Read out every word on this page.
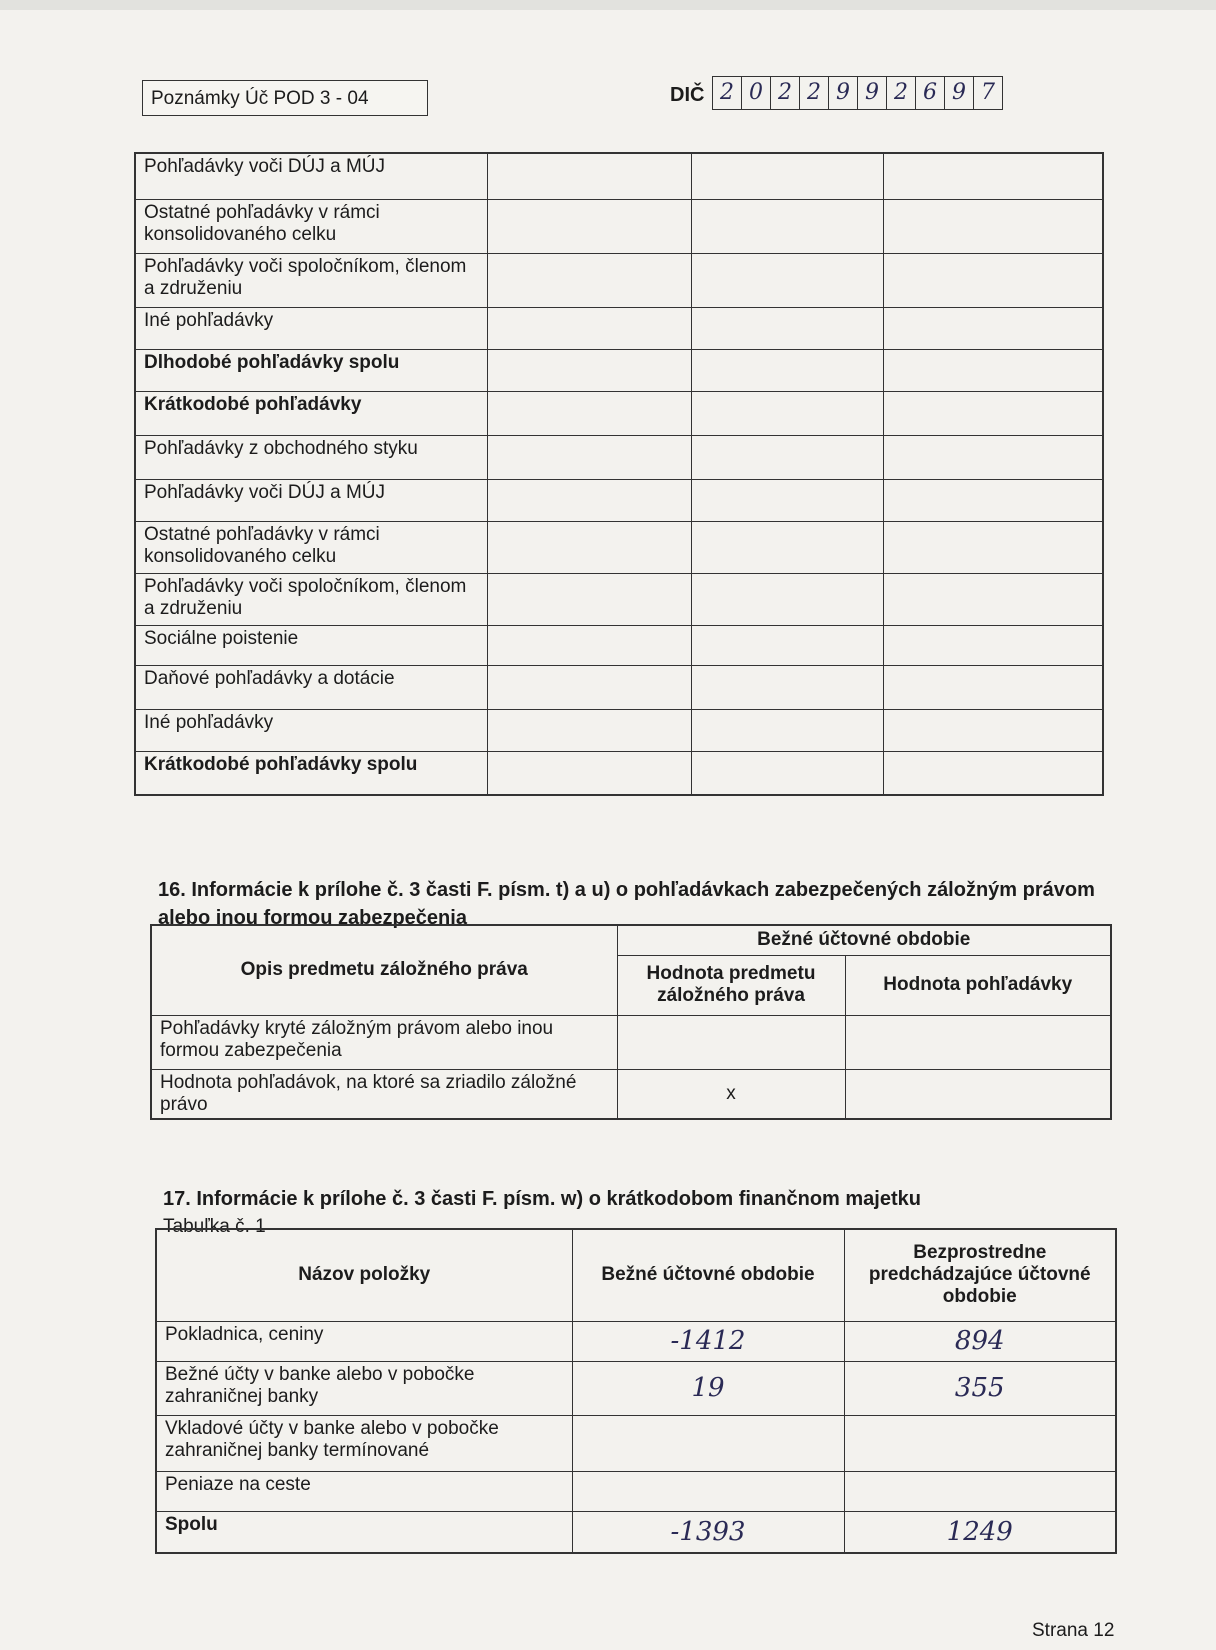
Poznámky Úč POD 3 - 04	DIČ 2 0 2 2 9 9 2 6 9 7
Pohľadávky voči DÚJ a MÚJ			
Ostatné pohľadávky v rámci konsolidovaného celku			
Pohľadávky voči spoločníkom, členom a združeniu			
Iné pohľadávky			
Dlhodobé pohľadávky spolu			
Krátkodobé pohľadávky			
Pohľadávky z obchodného styku			
Pohľadávky voči DÚJ a MÚJ			
Ostatné pohľadávky v rámci konsolidovaného celku			
Pohľadávky voči spoločníkom, členom a združeniu			
Sociálne poistenie			
Daňové pohľadávky a dotácie			
Iné pohľadávky			
Krátkodobé pohľadávky spolu			
16. Informácie k prílohe č. 3 časti F. písm. t) a u) o pohľadávkach zabezpečených záložným právom alebo inou formou zabezpečenia
Opis predmetu záložného práva	Bežné účtovné obdobie	
	Hodnota predmetu záložného práva	Hodnota pohľadávky
Pohľadávky kryté záložným právom alebo inou formou zabezpečenia		
Hodnota pohľadávok, na ktoré sa zriadilo záložné právo	x	
17. Informácie k prílohe č. 3 časti F. písm. w) o krátkodobom finančnom majetku
Tabuľka č. 1
Názov položky	Bežné účtovné obdobie	Bezprostredne predchádzajúce účtovné obdobie
Pokladnica, ceniny	-1412	894
Bežné účty v banke alebo v pobočke zahraničnej banky	19	355
Vkladové účty v banke alebo v pobočke zahraničnej banky termínované		
Peniaze na ceste		
Spolu	-1393	1249
Strana 12
